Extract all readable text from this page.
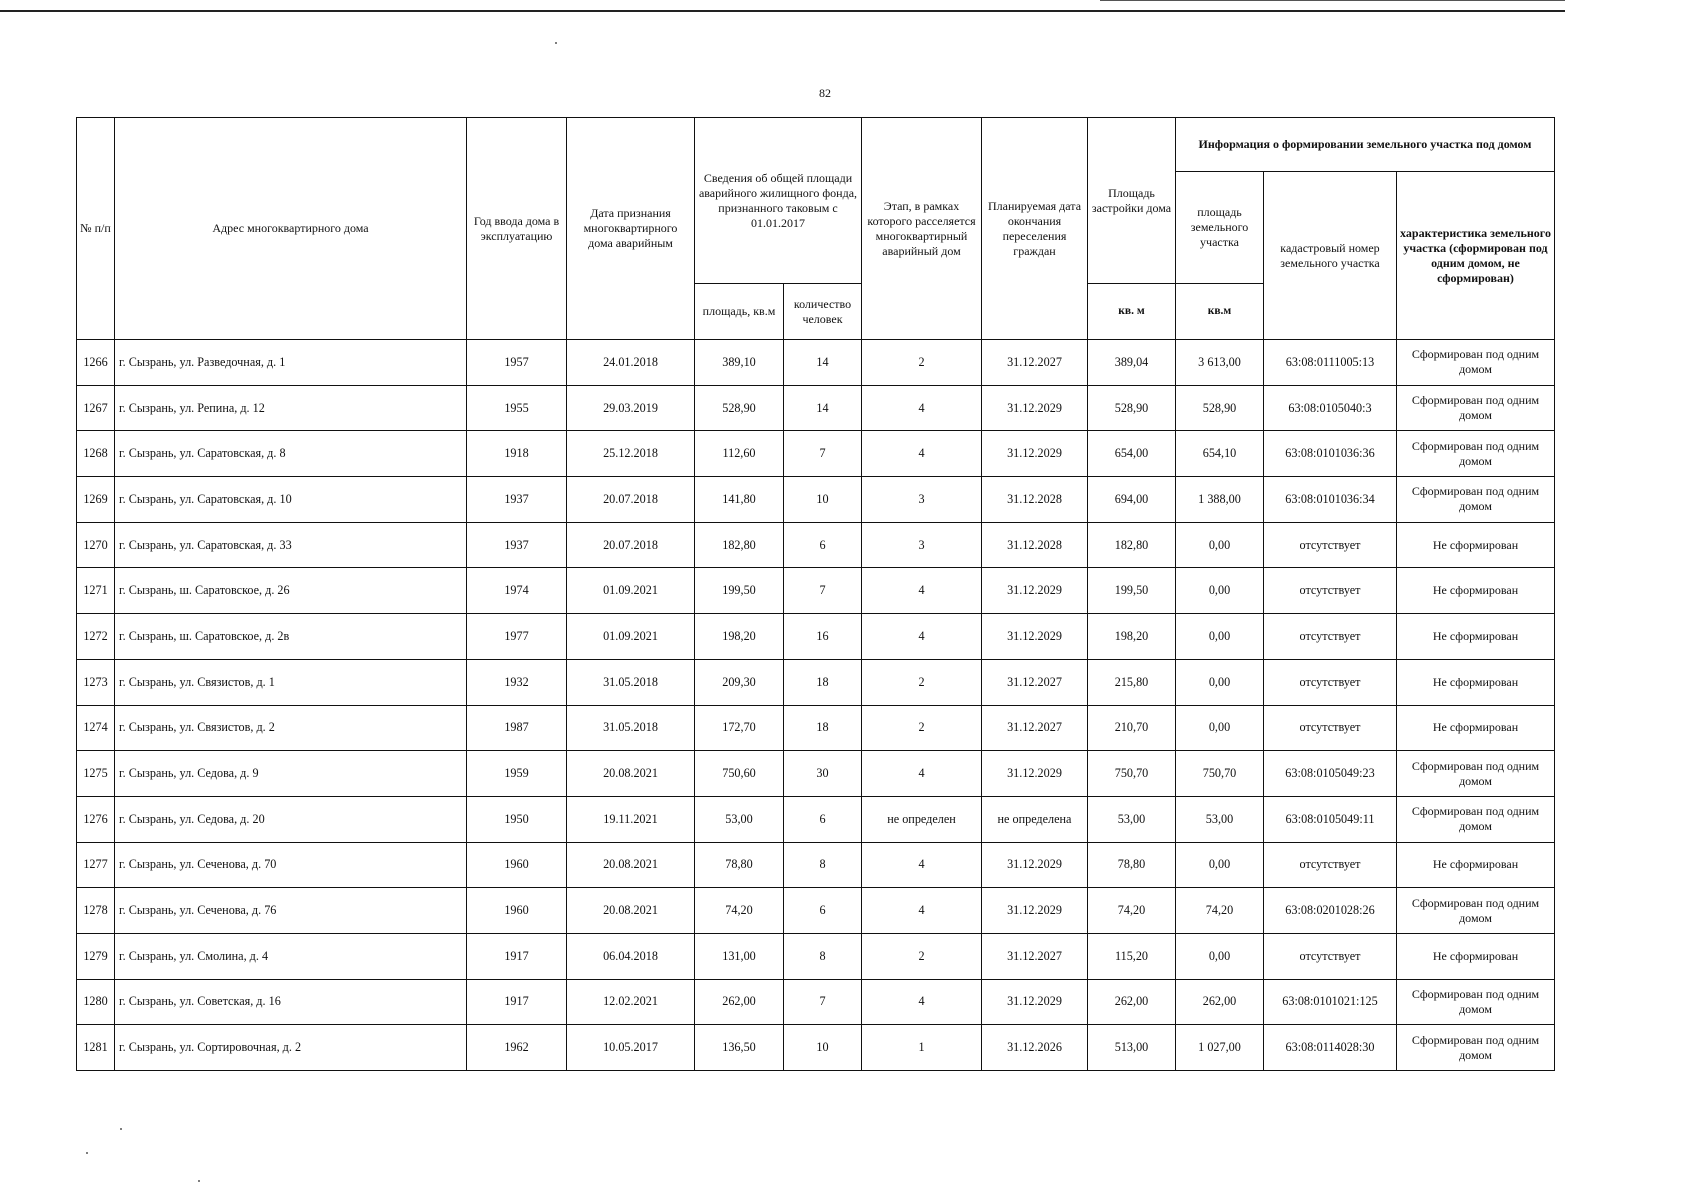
82
№ п/п	Адрес многоквартирного дома	Год ввода дома в эксплуатацию	Дата признания многоквартирного дома аварийным	Сведения об общей площади аварийного жилищного фонда, признанного таковым с 01.01.2017		Этап, в рамках которого расселяется многоквартирный аварийный дом	Планируемая дата окончания переселения граждан	Площадь застройки дома	Информация о формировании земельного участка под домом		
									площадь земельного участка	кадастровый номер земельного участка	характеристика земельного участка (сформирован под одним домом, не сформирован)
				площадь, кв.м	количество человек			кв. м	кв.м		
1266	г. Сызрань, ул. Разведочная, д. 1	1957	24.01.2018	389,10	14	2	31.12.2027	389,04	3 613,00	63:08:0111005:13	Сформирован под одним домом
1267	г. Сызрань, ул. Репина, д. 12	1955	29.03.2019	528,90	14	4	31.12.2029	528,90	528,90	63:08:0105040:3	Сформирован под одним домом
1268	г. Сызрань, ул. Саратовская, д. 8	1918	25.12.2018	112,60	7	4	31.12.2029	654,00	654,10	63:08:0101036:36	Сформирован под одним домом
1269	г. Сызрань, ул. Саратовская, д. 10	1937	20.07.2018	141,80	10	3	31.12.2028	694,00	1 388,00	63:08:0101036:34	Сформирован под одним домом
1270	г. Сызрань, ул. Саратовская, д. 33	1937	20.07.2018	182,80	6	3	31.12.2028	182,80	0,00	отсутствует	Не сформирован
1271	г. Сызрань, ш. Саратовское, д. 26	1974	01.09.2021	199,50	7	4	31.12.2029	199,50	0,00	отсутствует	Не сформирован
1272	г. Сызрань, ш. Саратовское, д. 2в	1977	01.09.2021	198,20	16	4	31.12.2029	198,20	0,00	отсутствует	Не сформирован
1273	г. Сызрань, ул. Связистов, д. 1	1932	31.05.2018	209,30	18	2	31.12.2027	215,80	0,00	отсутствует	Не сформирован
1274	г. Сызрань, ул. Связистов, д. 2	1987	31.05.2018	172,70	18	2	31.12.2027	210,70	0,00	отсутствует	Не сформирован
1275	г. Сызрань, ул. Седова, д. 9	1959	20.08.2021	750,60	30	4	31.12.2029	750,70	750,70	63:08:0105049:23	Сформирован под одним домом
1276	г. Сызрань, ул. Седова, д. 20	1950	19.11.2021	53,00	6	не определен	не определена	53,00	53,00	63:08:0105049:11	Сформирован под одним домом
1277	г. Сызрань, ул. Сеченова, д. 70	1960	20.08.2021	78,80	8	4	31.12.2029	78,80	0,00	отсутствует	Не сформирован
1278	г. Сызрань, ул. Сеченова, д. 76	1960	20.08.2021	74,20	6	4	31.12.2029	74,20	74,20	63:08:0201028:26	Сформирован под одним домом
1279	г. Сызрань, ул. Смолина, д. 4	1917	06.04.2018	131,00	8	2	31.12.2027	115,20	0,00	отсутствует	Не сформирован
1280	г. Сызрань, ул. Советская, д. 16	1917	12.02.2021	262,00	7	4	31.12.2029	262,00	262,00	63:08:0101021:125	Сформирован под одним домом
1281	г. Сызрань, ул. Сортировочная, д. 2	1962	10.05.2017	136,50	10	1	31.12.2026	513,00	1 027,00	63:08:0114028:30	Сформирован под одним домом
